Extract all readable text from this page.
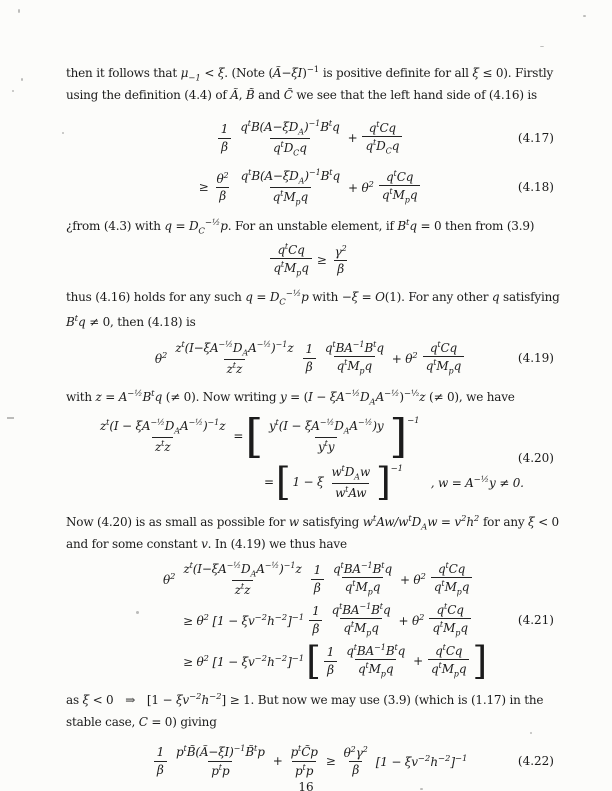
then it follows that $\mu_{-1} < \xi$. (Note (Ã−ξI)$^{-1}$ is positive definite for all ξ ≤ 0). Firstly

using the definition (4.4) of Ã, B̃ and C̃ we see that the left hand side of (4.16) is

$\frac{1}{\beta} \frac{q^tB(A-\xi D_A)^{-1}B^tq}{q^tD_Cq} + \frac{q^tCq}{q^tD_Cq}$	(4.17)
≥ $\frac{\theta^2}{\beta} \frac{q^tB(A-\xi D_A)^{-1}B^tq}{q^tM_pq} + \theta^2 \frac{q^tCq}{q^tM_pq}$	(4.18)

¿from (4.3) with $q = D_C^{-\frac{1}{2}}p$. For an unstable element, if $B^tq = 0$ then from (3.9)

$\frac{q^tCq}{q^tM_pq} \ge \frac{\gamma^2}{\beta}$

thus (4.16) holds for any such $q = D_C^{-\frac{1}{2}}p$ with −ξ = O(1). For any other q satisfying

$B^tq \ne 0$, then (4.18) is

$\theta^2 \frac{z^t(I-\xi A^{-\frac{1}{2}}D_AA^{-\frac{1}{2}})^{-1}z}{z^tz} \frac{1}{\beta} \frac{q^tBA^{-1}B^tq}{q^tM_pq} + \theta^2 \frac{q^tCq}{q^tM_pq}$	(4.19)

with $z = A^{-\frac{1}{2}}B^tq$ (≠ 0). Now writing $y = (I - \xi A^{-\frac{1}{2}}D_AA^{-\frac{1}{2}})^{-\frac{1}{2}}z$ (≠ 0), we have

$\frac{z^t(I - \xi A^{-\frac{1}{2}}D_AA^{-\frac{1}{2}})^{-1}z}{z^tz}$ = [ $\frac{y^t(I - \xi A^{-\frac{1}{2}}D_AA^{-\frac{1}{2}})y}{y^ty}$ ] −1
= [ 1 − ξ $\frac{w^tD_Aw}{w^tAw}$ ] −1
, $w = A^{-\frac{1}{2}}y \ne 0$.
(4.20)

Now (4.20) is as small as possible for w satisfying $w^tAw/w^tD_Aw = v^2h^2$ for any ξ < 0

and for some constant v. In (4.19) we thus have

$\theta^2 \frac{z^t(I-\xi A^{-\frac{1}{2}}D_AA^{-\frac{1}{2}})^{-1}z}{z^tz} \frac{1}{\beta} \frac{q^tBA^{-1}B^tq}{q^tM_pq} + \theta^2 \frac{q^tCq}{q^tM_pq}$
≥ $\theta^2$ $[1 - \xi v^{-2}h^{-2}]^{-1} \frac{1}{\beta} \frac{q^tBA^{-1}B^tq}{q^tM_pq} + \theta^2 \frac{q^tCq}{q^tM_pq}$
≥ $\theta^2$ $[1 - \xi v^{-2}h^{-2}]^{-1}$ [ $\frac{1}{\beta} \frac{q^tBA^{-1}B^tq}{q^tM_pq} + \frac{q^tCq}{q^tM_pq}$ ]
(4.21)

as ξ < 0 ⇒ $[1 - \xi v^{-2}h^{-2}] \ge 1$. But now we may use (3.9) (which is (1.17) in the

stable case, C = 0) giving

$\frac{1}{\beta} \frac{p^tB̃(Ã-\xi I)^{-1}B̃^tp}{p^tp} + \frac{p^tC̃p}{p^tp} \ge \frac{\theta^2\gamma^2}{\beta} [1 - \xi v^{-2}h^{-2}]^{-1}$	(4.22)
16
